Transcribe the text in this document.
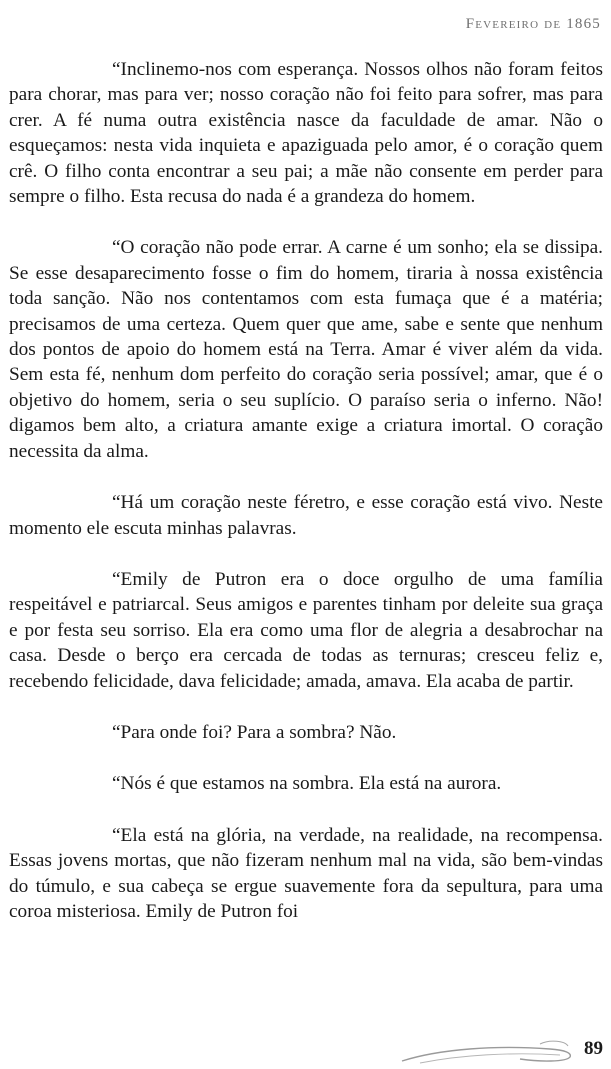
Fevereiro de 1865

“Inclinemo-nos com esperança. Nossos olhos não foram feitos para chorar, mas para ver; nosso coração não foi feito para sofrer, mas para crer. A fé numa outra existência nasce da faculdade de amar. Não o esqueçamos: nesta vida inquieta e apaziguada pelo amor, é o coração quem crê. O filho conta encontrar a seu pai; a mãe não consente em perder para sempre o filho. Esta recusa do nada é a grandeza do homem.

“O coração não pode errar. A carne é um sonho; ela se dissipa. Se esse desaparecimento fosse o fim do homem, tiraria à nossa existência toda sanção. Não nos contentamos com esta fumaça que é a matéria; precisamos de uma certeza. Quem quer que ame, sabe e sente que nenhum dos pontos de apoio do homem está na Terra. Amar é viver além da vida. Sem esta fé, nenhum dom perfeito do coração seria possível; amar, que é o objetivo do homem, seria o seu suplício. O paraíso seria o inferno. Não! digamos bem alto, a criatura amante exige a criatura imortal. O coração necessita da alma.

“Há um coração neste féretro, e esse coração está vivo. Neste momento ele escuta minhas palavras.

“Emily de Putron era o doce orgulho de uma família respeitável e patriarcal. Seus amigos e parentes tinham por deleite sua graça e por festa seu sorriso. Ela era como uma flor de alegria a desabrochar na casa. Desde o berço era cercada de todas as ternuras; cresceu feliz e, recebendo felicidade, dava felicidade; amada, amava. Ela acaba de partir.

“Para onde foi? Para a sombra? Não.

“Nós é que estamos na sombra. Ela está na aurora.

“Ela está na glória, na verdade, na realidade, na recompensa. Essas jovens mortas, que não fizeram nenhum mal na vida, são bem-vindas do túmulo, e sua cabeça se ergue suavemente fora da sepultura, para uma coroa misteriosa. Emily de Putron foi

89
